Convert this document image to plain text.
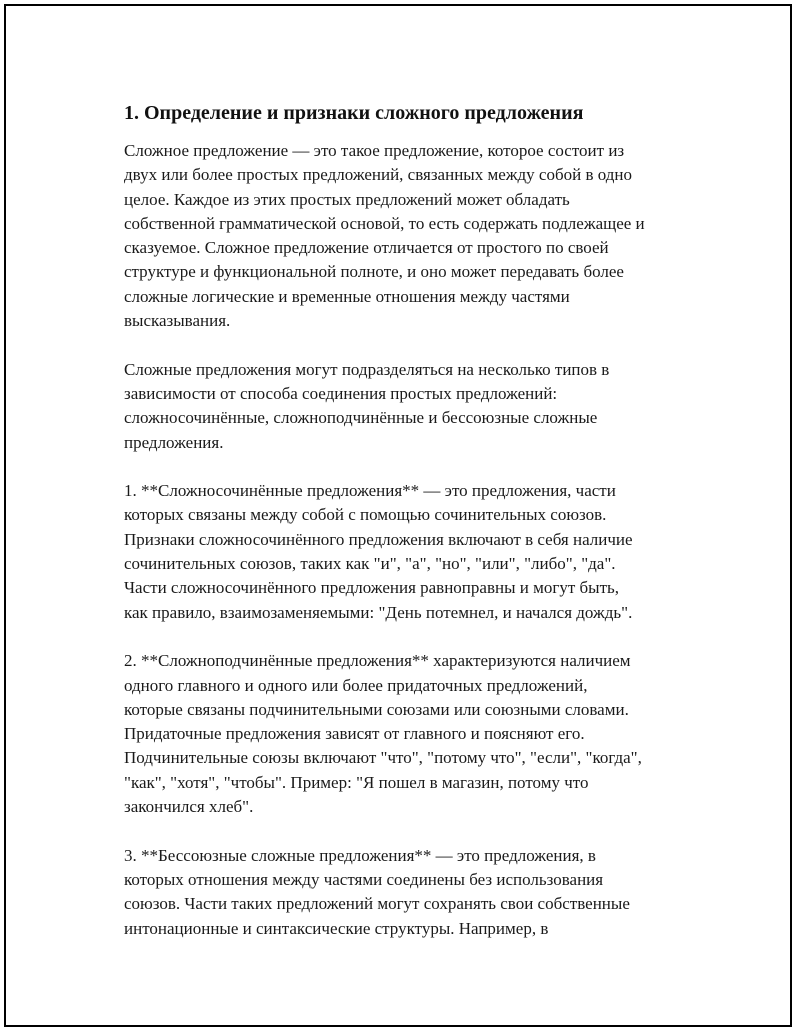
1. Определение и признаки сложного предложения
Сложное предложение — это такое предложение, которое состоит из
двух или более простых предложений, связанных между собой в одно
целое. Каждое из этих простых предложений может обладать
собственной грамматической основой, то есть содержать подлежащее и
сказуемое. Сложное предложение отличается от простого по своей
структуре и функциональной полноте, и оно может передавать более
сложные логические и временные отношения между частями
высказывания.
Сложные предложения могут подразделяться на несколько типов в
зависимости от способа соединения простых предложений:
сложносочинённые, сложноподчинённые и бессоюзные сложные
предложения.
1. **Сложносочинённые предложения** — это предложения, части
которых связаны между собой с помощью сочинительных союзов.
Признаки сложносочинённого предложения включают в себя наличие
сочинительных союзов, таких как "и", "а", "но", "или", "либо", "да".
Части сложносочинённого предложения равноправны и могут быть,
как правило, взаимозаменяемыми: "День потемнел, и начался дождь".
2. **Сложноподчинённые предложения** характеризуются наличием
одного главного и одного или более придаточных предложений,
которые связаны подчинительными союзами или союзными словами.
Придаточные предложения зависят от главного и поясняют его.
Подчинительные союзы включают "что", "потому что", "если", "когда",
"как", "хотя", "чтобы". Пример: "Я пошел в магазин, потому что
закончился хлеб".
3. **Бессоюзные сложные предложения** — это предложения, в
которых отношения между частями соединены без использования
союзов. Части таких предложений могут сохранять свои собственные
интонационные и синтаксические структуры. Например, в
